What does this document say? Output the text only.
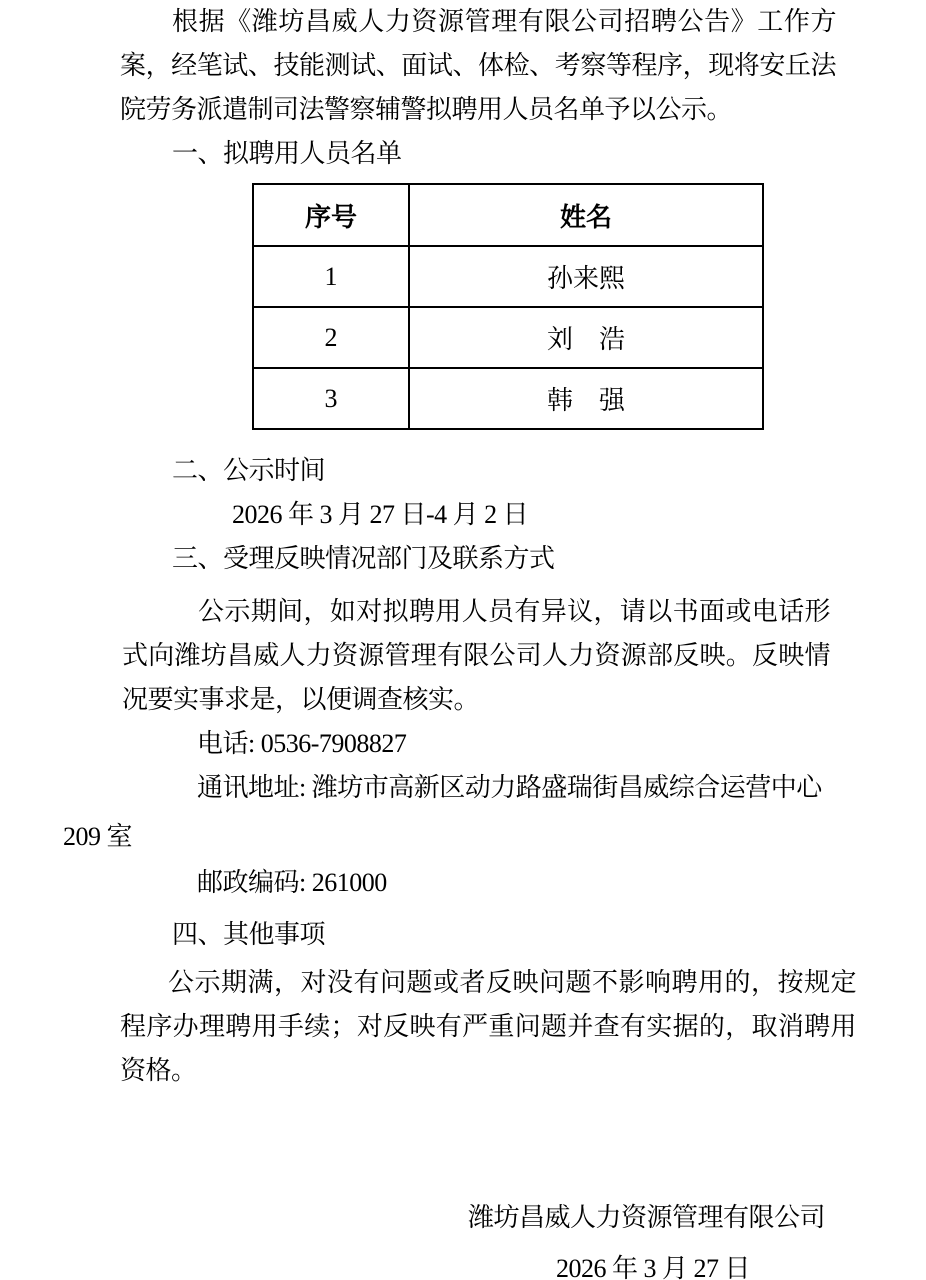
根据《潍坊昌威人力资源管理有限公司招聘公告》工作方案，经笔试、技能测试、面试、体检、考察等程序，现将安丘法院劳务派遣制司法警察辅警拟聘用人员名单予以公示。
一、拟聘用人员名单
序号	姓名
1	孙来熙
2	刘　浩
3	韩　强
二、公示时间
2026 年 3 月 27 日-4 月 2 日
三、受理反映情况部门及联系方式
公示期间，如对拟聘用人员有异议，请以书面或电话形式向潍坊昌威人力资源管理有限公司人力资源部反映。反映情况要实事求是，以便调查核实。
电话: 0536-7908827
通讯地址: 潍坊市高新区动力路盛瑞街昌威综合运营中心
209 室
邮政编码: 261000
四、其他事项
公示期满，对没有问题或者反映问题不影响聘用的，按规定程序办理聘用手续；对反映有严重问题并查有实据的，取消聘用资格。
潍坊昌威人力资源管理有限公司
2026 年 3 月 27 日
